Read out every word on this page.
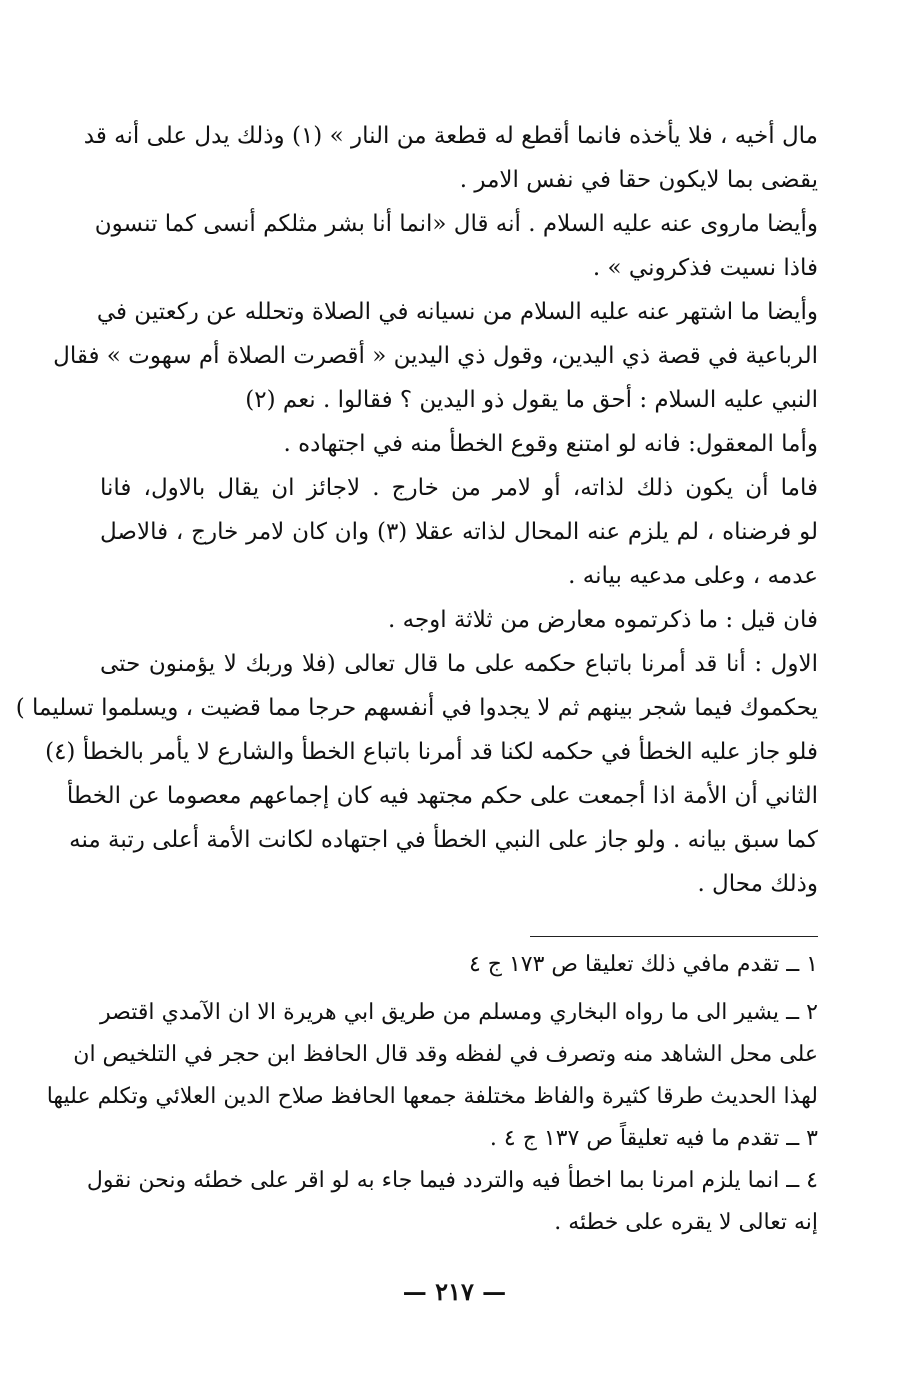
مال أخيه ، فلا يأخذه فانما أقطع له قطعة من النار » (١) وذلك يدل على أنه قد
يقضى بما لايكون حقا في نفس الامر .
وأيضا ماروى عنه عليه السلام . أنه قال «انما أنا بشر مثلكم أنسى كما تنسون
فاذا نسيت فذكروني » .
وأيضا ما اشتهر عنه عليه السلام من نسيانه في الصلاة وتحلله عن ركعتين في
الرباعية في قصة ذي اليدين، وقول ذي اليدين « أقصرت الصلاة أم سهوت » فقال
النبي عليه السلام : أحق ما يقول ذو اليدين ؟ فقالوا . نعم (٢)
وأما المعقول: فانه لو امتنع وقوع الخطأ منه في اجتهاده .
فاما أن يكون ذلك لذاته، أو لامر من خارج . لاجائز ان يقال بالاول، فانا
لو فرضناه ، لم يلزم عنه المحال لذاته عقلا (٣) وان كان لامر خارج ، فالاصل
عدمه ، وعلى مدعيه بيانه .
فان قيل : ما ذكرتموه معارض من ثلاثة اوجه .
الاول : أنا قد أمرنا باتباع حكمه على ما قال تعالى (فلا وربك لا يؤمنون حتى
يحكموك فيما شجر بينهم ثم لا يجدوا في أنفسهم حرجا مما قضيت ، ويسلموا تسليما )
فلو جاز عليه الخطأ في حكمه لكنا قد أمرنا باتباع الخطأ والشارع لا يأمر بالخطأ (٤)
الثاني أن الأمة اذا أجمعت على حكم مجتهد فيه كان إجماعهم معصوما عن الخطأ
كما سبق بيانه . ولو جاز على النبي الخطأ في اجتهاده لكانت الأمة أعلى رتبة منه
وذلك محال .
١ ــ تقدم مافي ذلك تعليقا ص ١٧٣ ج ٤
٢ ــ يشير الى ما رواه البخاري ومسلم من طريق ابي هريرة الا ان الآمدي اقتصر
على محل الشاهد منه وتصرف في لفظه وقد قال الحافظ ابن حجر في التلخيص ان
لهذا الحديث طرقا كثيرة والفاظ مختلفة جمعها الحافظ صلاح الدين العلائي وتكلم عليها
٣ ــ تقدم ما فيه تعليقاً ص ١٣٧ ج ٤ .
٤ ــ انما يلزم امرنا بما اخطأ فيه والتردد فيما جاء به لو اقر على خطئه ونحن نقول
إنه تعالى لا يقره على خطئه .
— ٢١٧ —
